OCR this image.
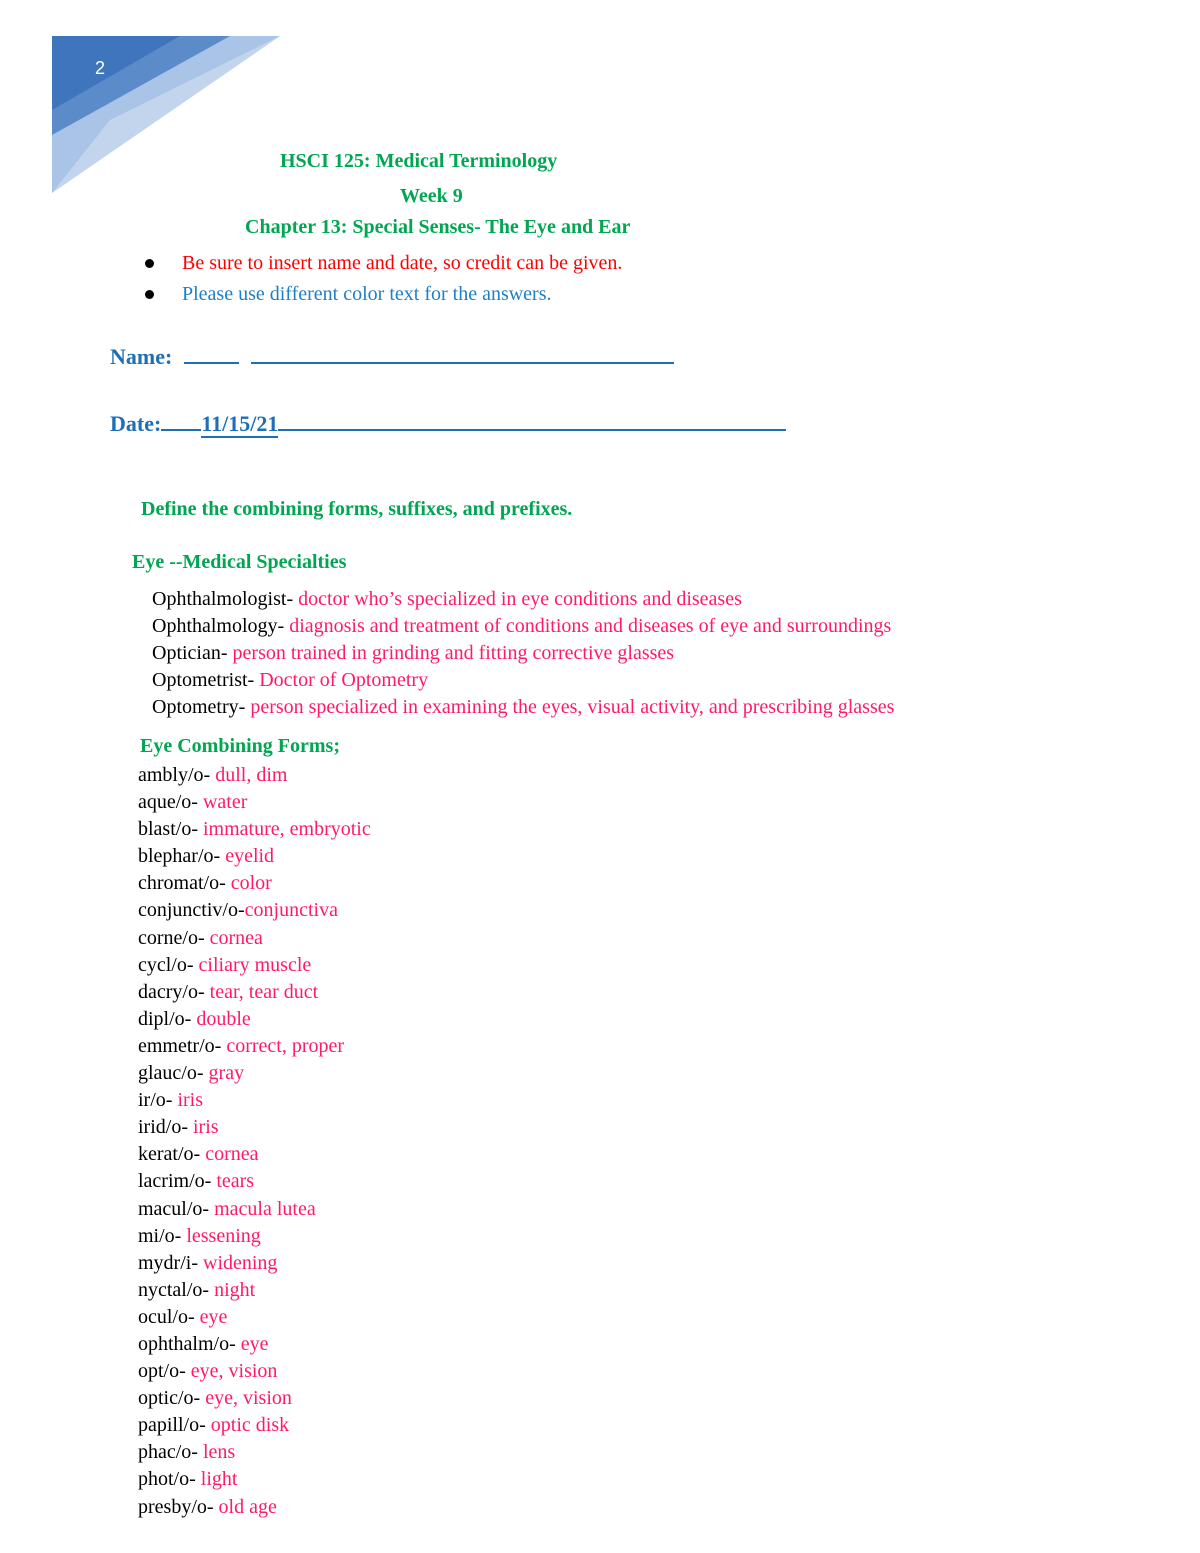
2
HSCI 125: Medical Terminology
Week 9
Chapter 13: Special Senses- The Eye and Ear
Be sure to insert name and date, so credit can be given.
Please use different color text for the answers.
Name:
Date: 11/15/21
Define the combining forms, suffixes, and prefixes.
Eye --Medical Specialties
Ophthalmologist- doctor who’s specialized in eye conditions and diseases
Ophthalmology- diagnosis and treatment of conditions and diseases of eye and surroundings
Optician- person trained in grinding and fitting corrective glasses
Optometrist- Doctor of Optometry
Optometry- person specialized in examining the eyes, visual activity, and prescribing glasses
Eye Combining Forms;
ambly/o- dull, dim
aque/o- water
blast/o- immature, embryotic
blephar/o- eyelid
chromat/o- color
conjunctiv/o-conjunctiva
corne/o- cornea
cycl/o- ciliary muscle
dacry/o- tear, tear duct
dipl/o- double
emmetr/o- correct, proper
glauc/o- gray
ir/o- iris
irid/o- iris
kerat/o- cornea
lacrim/o- tears
macul/o- macula lutea
mi/o- lessening
mydr/i- widening
nyctal/o- night
ocul/o- eye
ophthalm/o- eye
opt/o- eye, vision
optic/o- eye, vision
papill/o- optic disk
phac/o- lens
phot/o- light
presby/o- old age
